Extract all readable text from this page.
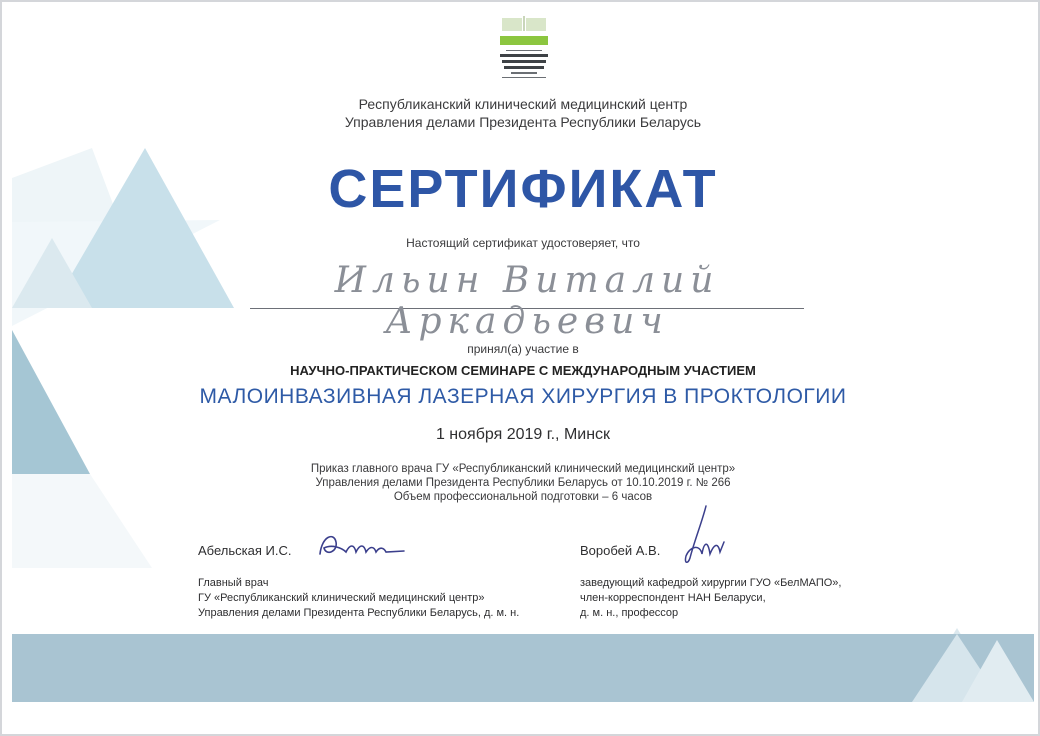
Республиканский клинический медицинский центр
Управления делами Президента Республики Беларусь
СЕРТИФИКАТ
Настоящий сертификат удостоверяет, что
Ильин Виталий Аркадьевич
принял(а) участие в
НАУЧНО-ПРАКТИЧЕСКОМ СЕМИНАРЕ С МЕЖДУНАРОДНЫМ УЧАСТИЕМ
МАЛОИНВАЗИВНАЯ ЛАЗЕРНАЯ ХИРУРГИЯ В ПРОКТОЛОГИИ
1 ноября 2019 г., Минск
Приказ главного врача ГУ «Республиканский клинический медицинский центр»
Управления делами Президента Республики Беларусь от 10.10.2019 г. № 266
Объем профессиональной подготовки – 6 часов
Абельская И.С.	Воробей А.В.
Главный врач
ГУ «Республиканский клинический медицинский центр»
Управления делами Президента Республики Беларусь, д. м. н.
заведующий кафедрой хирургии ГУО «БелМАПО»,
член-корреспондент НАН Беларуси,
д. м. н., профессор
